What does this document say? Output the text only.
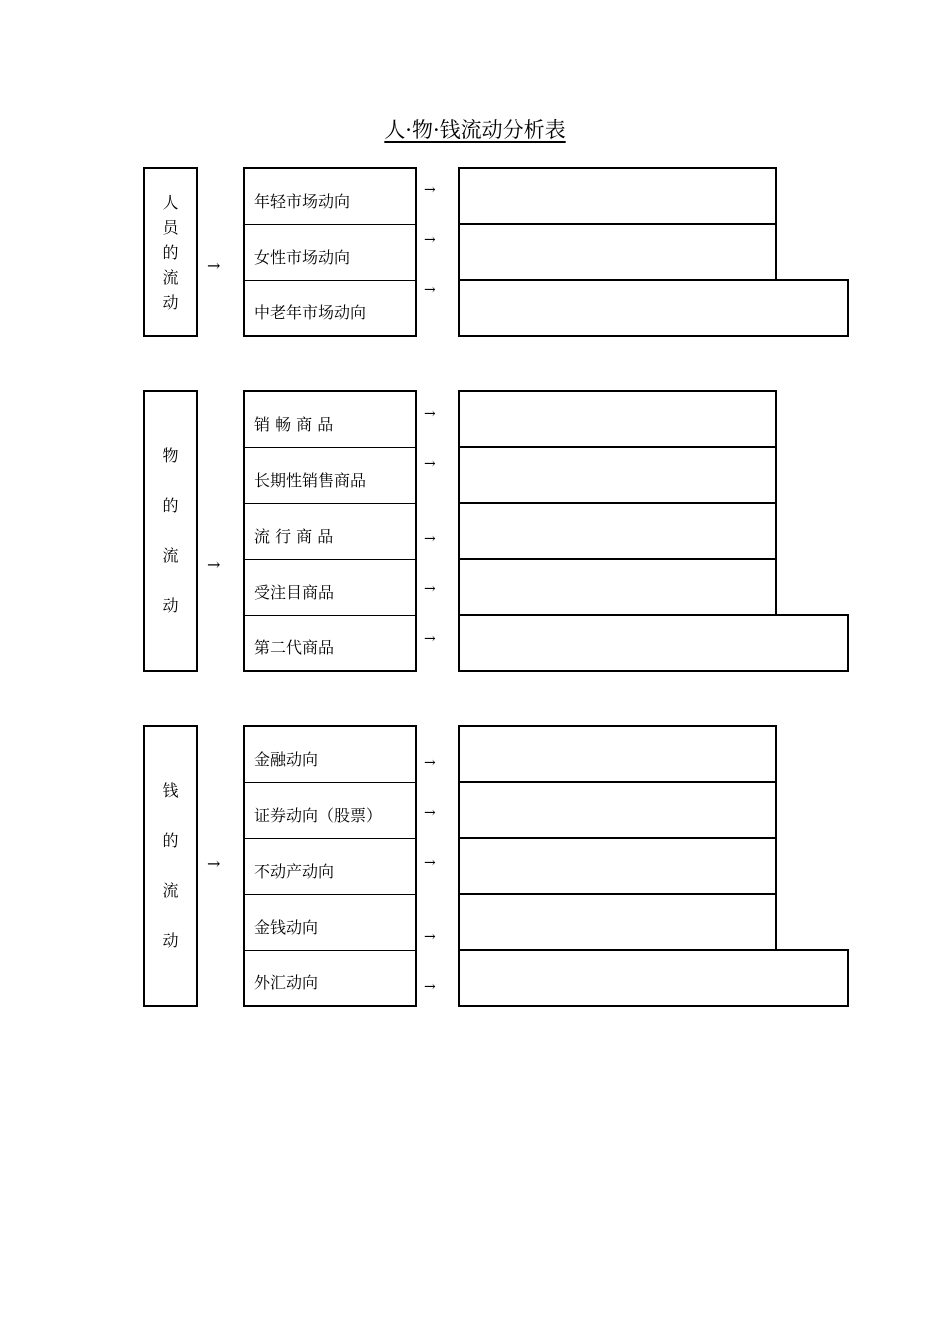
人·物·钱流动分析表
人
员
的
流
动
→
年轻市场动向
女性市场动向
中老年市场动向
→
→
→
物
的
流
动
→
销 畅 商 品
长期性销售商品
流 行 商 品
受注目商品
第二代商品
→
→
→
→
→
钱
的
流
动
→
金融动向
证券动向（股票）
不动产动向
金钱动向
外汇动向
→
→
→
→
→
